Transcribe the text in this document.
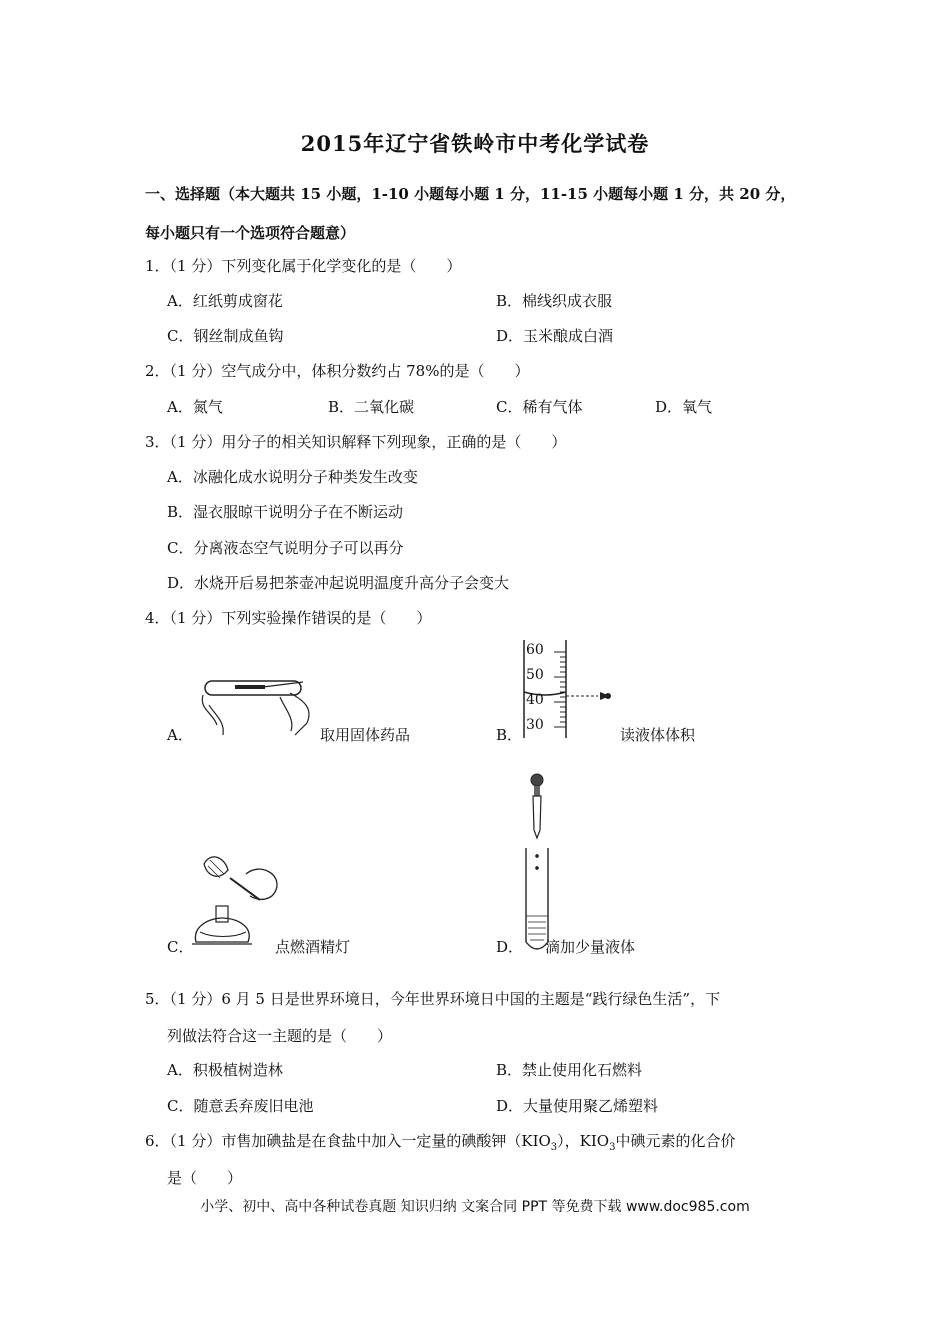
2015年辽宁省铁岭市中考化学试卷
一、选择题（本大题共 15 小题，1-10 小题每小题 1 分，11-15 小题每小题 1 分，共 20 分，
每小题只有一个选项符合题意）
1．（1 分）下列变化属于化学变化的是（　　）
A．红纸剪成窗花	B．棉线织成衣服
C．钢丝制成鱼钩	D．玉米酿成白酒
2．（1 分）空气成分中，体积分数约占 78%的是（　　）
A．氮气	B．二氧化碳	C．稀有气体	D．氧气
3．（1 分）用分子的相关知识解释下列现象，正确的是（　　）
A．冰融化成水说明分子种类发生改变
B．湿衣服晾干说明分子在不断运动
C．分离液态空气说明分子可以再分
D．水烧开后易把茶壶冲起说明温度升高分子会变大
4．（1 分）下列实验操作错误的是（　　）
A．	取用固体药品	B．
60
50
40
30
读液体体积
C．	点燃酒精灯	D． 滴加少量液体
5．（1 分）6 月 5 日是世界环境日，今年世界环境日中国的主题是“践行绿色生活”，下
列做法符合这一主题的是（　　）
A．积极植树造林	B．禁止使用化石燃料
C．随意丢弃废旧电池	D．大量使用聚乙烯塑料
6．（1 分）市售加碘盐是在食盐中加入一定量的碘酸钾$(KIO_3)$，$KIO_3$中碘元素的化合价
是（　　）
小学、初中、高中各种试卷真题 知识归纳 文案合同 PPT 等免费下载 www.doc985.com
